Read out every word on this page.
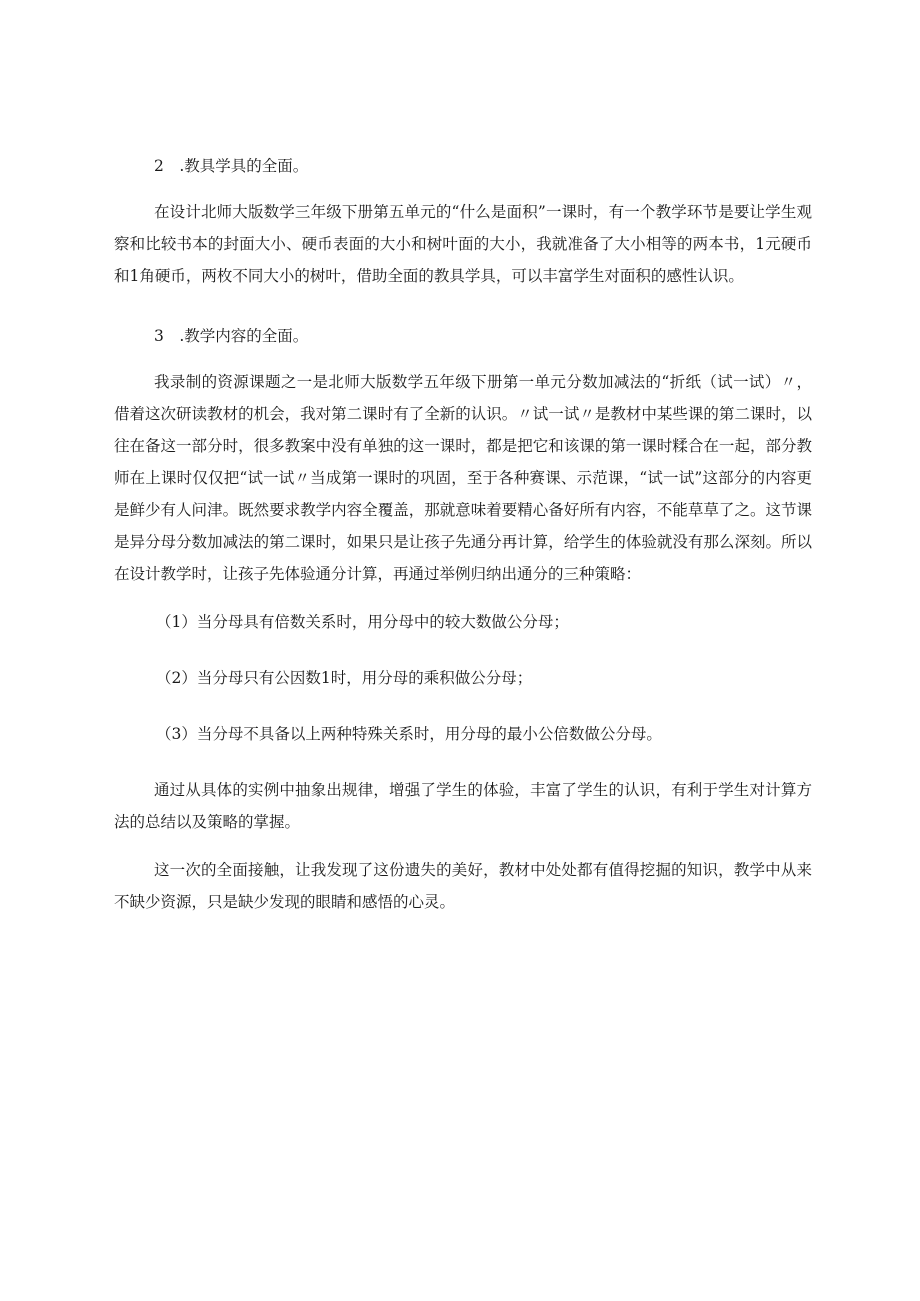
2　.教具学具的全面。

在设计北师大版数学三年级下册第五单元的“什么是面积”一课时，有一个教学环节是要让学生观察和比较书本的封面大小、硬币表面的大小和树叶面的大小，我就准备了大小相等的两本书，1元硬币和1角硬币，两枚不同大小的树叶，借助全面的教具学具，可以丰富学生对面积的感性认识。

3　.教学内容的全面。

我录制的资源课题之一是北师大版数学五年级下册第一单元分数加减法的“折纸（试一试）〃，借着这次研读教材的机会，我对第二课时有了全新的认识。〃试一试〃是教材中某些课的第二课时，以往在备这一部分时，很多教案中没有单独的这一课时，都是把它和该课的第一课时糅合在一起，部分教师在上课时仅仅把“试一试〃当成第一课时的巩固，至于各种赛课、示范课，“试一试”这部分的内容更是鲜少有人问津。既然要求教学内容全覆盖，那就意味着要精心备好所有内容，不能草草了之。这节课是异分母分数加减法的第二课时，如果只是让孩子先通分再计算，给学生的体验就没有那么深刻。所以在设计教学时，让孩子先体验通分计算，再通过举例归纳出通分的三种策略：

（1）当分母具有倍数关系时，用分母中的较大数做公分母；

（2）当分母只有公因数1时，用分母的乘积做公分母；

（3）当分母不具备以上两种特殊关系时，用分母的最小公倍数做公分母。

通过从具体的实例中抽象出规律，增强了学生的体验，丰富了学生的认识，有利于学生对计算方法的总结以及策略的掌握。

这一次的全面接触，让我发现了这份遗失的美好，教材中处处都有值得挖掘的知识，教学中从来不缺少资源，只是缺少发现的眼睛和感悟的心灵。
